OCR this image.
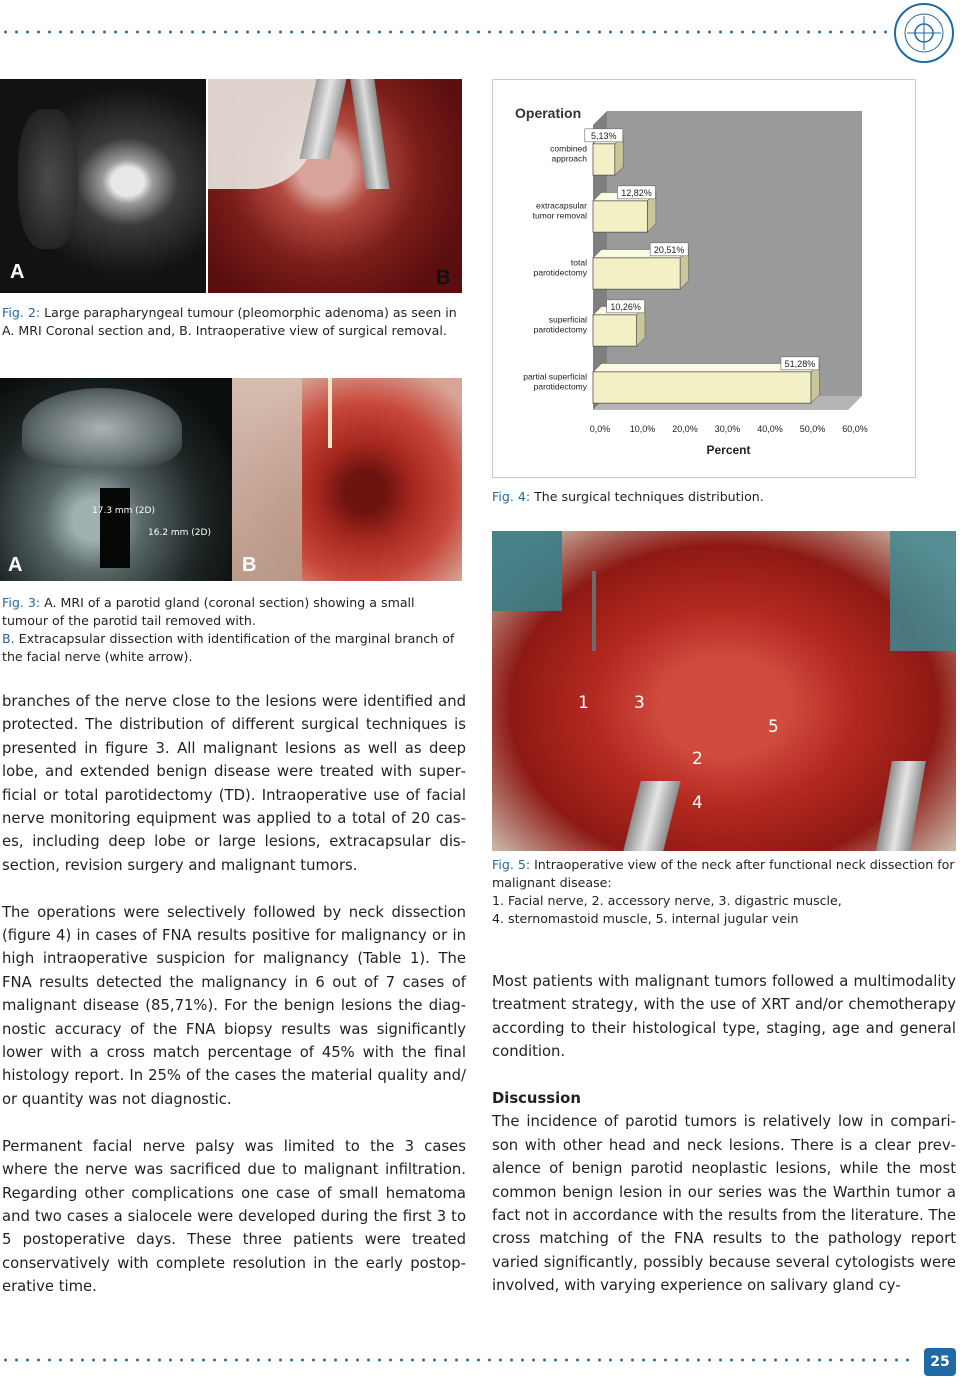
A	B
Fig. 2: Large parapharyngeal tumour (pleomorphic adenoma) as seen in A. MRI Coronal section and, B. Intraoperative view of surgical removal.
17.3 mm (2D)
16.2 mm (2D)
A	B
Fig. 3: A. MRI of a parotid gland (coronal section) showing a small tumour of the parotid tail removed with.
B. Extracapsular dissection with identification of the marginal branch of the facial nerve (white arrow).
Operation
5,13%
combined
approach
12,82%
extracapsular
tumor removal
20,51%
total
parotidectomy
10,26%
superficial
parotidectomy
51,28%
partial superficial
parotidectomy
0,0% 10,0% 20,0% 30,0% 40,0% 50,0% 60,0%
Percent
Fig. 4: The surgical techniques distribution.
1	3
5
2
4
Fig. 5: Intraoperative view of the neck after functional neck dissection for malignant disease:
1. Facial nerve, 2. accessory nerve, 3. digastric muscle,
4. sternomastoid muscle, 5. internal jugular vein

branches of the nerve close to the lesions were identified and protected. The distribution of different surgical techniques is presented in figure 3. All malignant lesions as well as deep lobe, and extended benign disease were treated with superficial or total parotidectomy (TD). Intraoperative use of facial nerve monitoring equipment was applied to a total of 20 cases, including deep lobe or large lesions, extracapsular dissection, revision surgery and malignant tumors.

The operations were selectively followed by neck dissection (figure 4) in cases of FNA results positive for malignancy or in high intraoperative suspicion for malignancy (Table 1). The FNA results detected the malignancy in 6 out of 7 cases of malignant disease (85,71%). For the benign lesions the diagnostic accuracy of the FNA biopsy results was significantly lower with a cross match percentage of 45% with the final histology report. In 25% of the cases the material quality and/ or quantity was not diagnostic.

Permanent facial nerve palsy was limited to the 3 cases where the nerve was sacrificed due to malignant infiltration. Regarding other complications one case of small hematoma and two cases a sialocele were developed during the first 3 to 5 postoperative days. These three patients were treated conservatively with complete resolution in the early postoperative time.

Most patients with malignant tumors followed a multimodality treatment strategy, with the use of XRT and/or chemotherapy according to their histological type, staging, age and general condition.

Discussion

The incidence of parotid tumors is relatively low in comparison with other head and neck lesions. There is a clear prevalence of benign parotid neoplastic lesions, while the most common benign lesion in our series was the Warthin tumor a fact not in accordance with the results from the literature. The cross matching of the FNA results to the pathology report varied significantly, possibly because several cytologists were involved, with varying experience on salivary gland cy-

25
